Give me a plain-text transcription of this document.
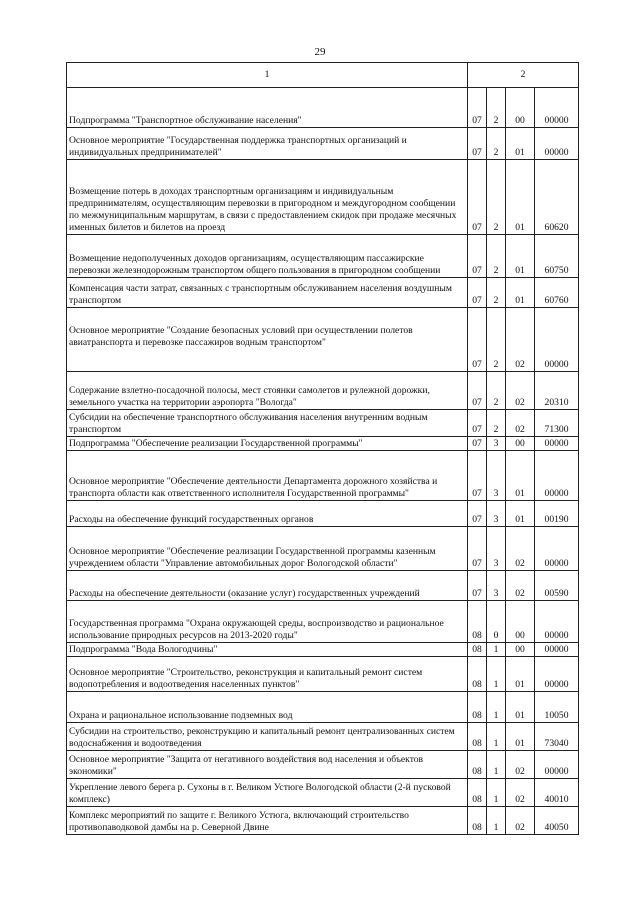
29
1	2			
Подпрограмма "Транспортное обслуживание населения"	07	2	00	00000
Основное мероприятие "Государственная поддержка транспортных организаций и индивидуальных предпринимателей"	07	2	01	00000
Возмещение потерь в доходах транспортным организациям и индивидуальным предпринимателям, осуществляющим перевозки в пригородном и междугородном сообщении по межмуниципальным маршрутам, в связи с предоставлением скидок при продаже месячных именных билетов и билетов на проезд	07	2	01	60620
Возмещение недополученных доходов организациям, осуществляющим пассажирские перевозки железнодорожным транспортом общего пользования в пригородном сообщении	07	2	01	60750
Компенсация части затрат, связанных с транспортным обслуживанием населения воздушным транспортом	07	2	01	60760

Основное мероприятие "Создание безопасных условий при осуществлении полетов авиатранспорта и перевозке пассажиров водным транспортом"	07	2	02	00000
Содержание взлетно-посадочной полосы, мест стоянки самолетов и рулежной дорожки, земельного участка на территории аэропорта "Вологда"	07	2	02	20310
Субсидии на обеспечение транспортного обслуживания населения внутренним водным транспортом	07	2	02	71300
Подпрограмма "Обеспечение реализации Государственной программы"	07	3	00	00000
Основное мероприятие "Обеспечение деятельности Департамента дорожного хозяйства и транспорта области как ответственного исполнителя Государственной программы"	07	3	01	00000
Расходы на обеспечение функций государственных органов	07	3	01	00190
Основное мероприятие "Обеспечение реализации Государственной программы казенным учреждением области "Управление автомобильных дорог Вологодской области"	07	3	02	00000
Расходы на обеспечение деятельности (оказание услуг) государственных учреждений	07	3	02	00590
Государственная программа "Охрана окружающей среды, воспроизводство и рациональное использование природных ресурсов на 2013-2020 годы"	08	0	00	00000
Подпрограмма "Вода Вологодчины"	08	1	00	00000
Основное мероприятие "Строительство, реконструкция и капитальный ремонт систем водопотребления и водоотведения населенных пунктов"	08	1	01	00000
Охрана и рациональное использование подземных вод	08	1	01	10050
Субсидии на строительство, реконструкцию и капитальный ремонт централизованных систем водоснабжения и водоотведения	08	1	01	73040
Основное мероприятие "Защита от негативного воздействия вод населения и объектов экономики"	08	1	02	00000
Укрепление левого берега р. Сухоны в г. Великом Устюге Вологодской области (2-й пусковой комплекс)	08	1	02	40010
Комплекс мероприятий по защите г. Великого Устюга, включающий строительство противопаводковой дамбы на р. Северной Двине	08	1	02	40050
